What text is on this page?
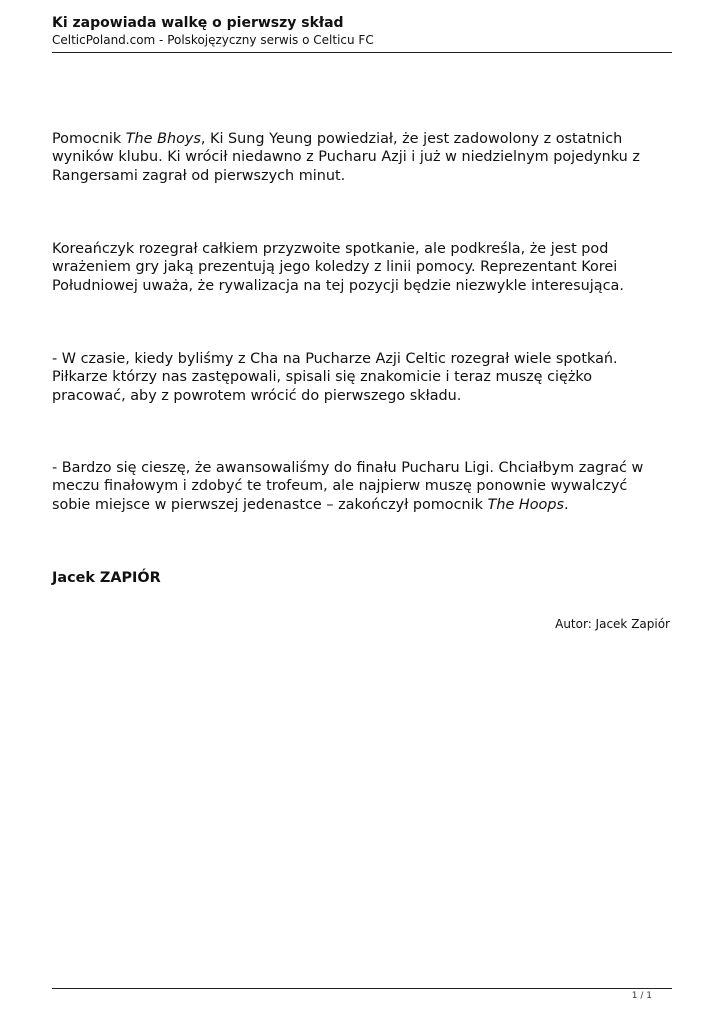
Ki zapowiada walkę o pierwszy skład
CelticPoland.com - Polskojęzyczny serwis o Celticu FC

Pomocnik The Bhoys, Ki Sung Yeung powiedział, że jest zadowolony z ostatnich wyników klubu. Ki wrócił niedawno z Pucharu Azji i już w niedzielnym pojedynku z Rangersami zagrał od pierwszych minut.

Koreańczyk rozegrał całkiem przyzwoite spotkanie, ale podkreśla, że jest pod wrażeniem gry jaką prezentują jego koledzy z linii pomocy. Reprezentant Korei Południowej uważa, że rywalizacja na tej pozycji będzie niezwykle interesująca.

- W czasie, kiedy byliśmy z Cha na Pucharze Azji Celtic rozegrał wiele spotkań. Piłkarze którzy nas zastępowali, spisali się znakomicie i teraz muszę ciężko pracować, aby z powrotem wrócić do pierwszego składu.

- Bardzo się cieszę, że awansowaliśmy do finału Pucharu Ligi. Chciałbym zagrać w meczu finałowym i zdobyć te trofeum, ale najpierw muszę ponownie wywalczyć sobie miejsce w pierwszej jedenastce – zakończył pomocnik The Hoops.

Jacek ZAPIÓR
Autor: Jacek Zapiór
1 / 1
